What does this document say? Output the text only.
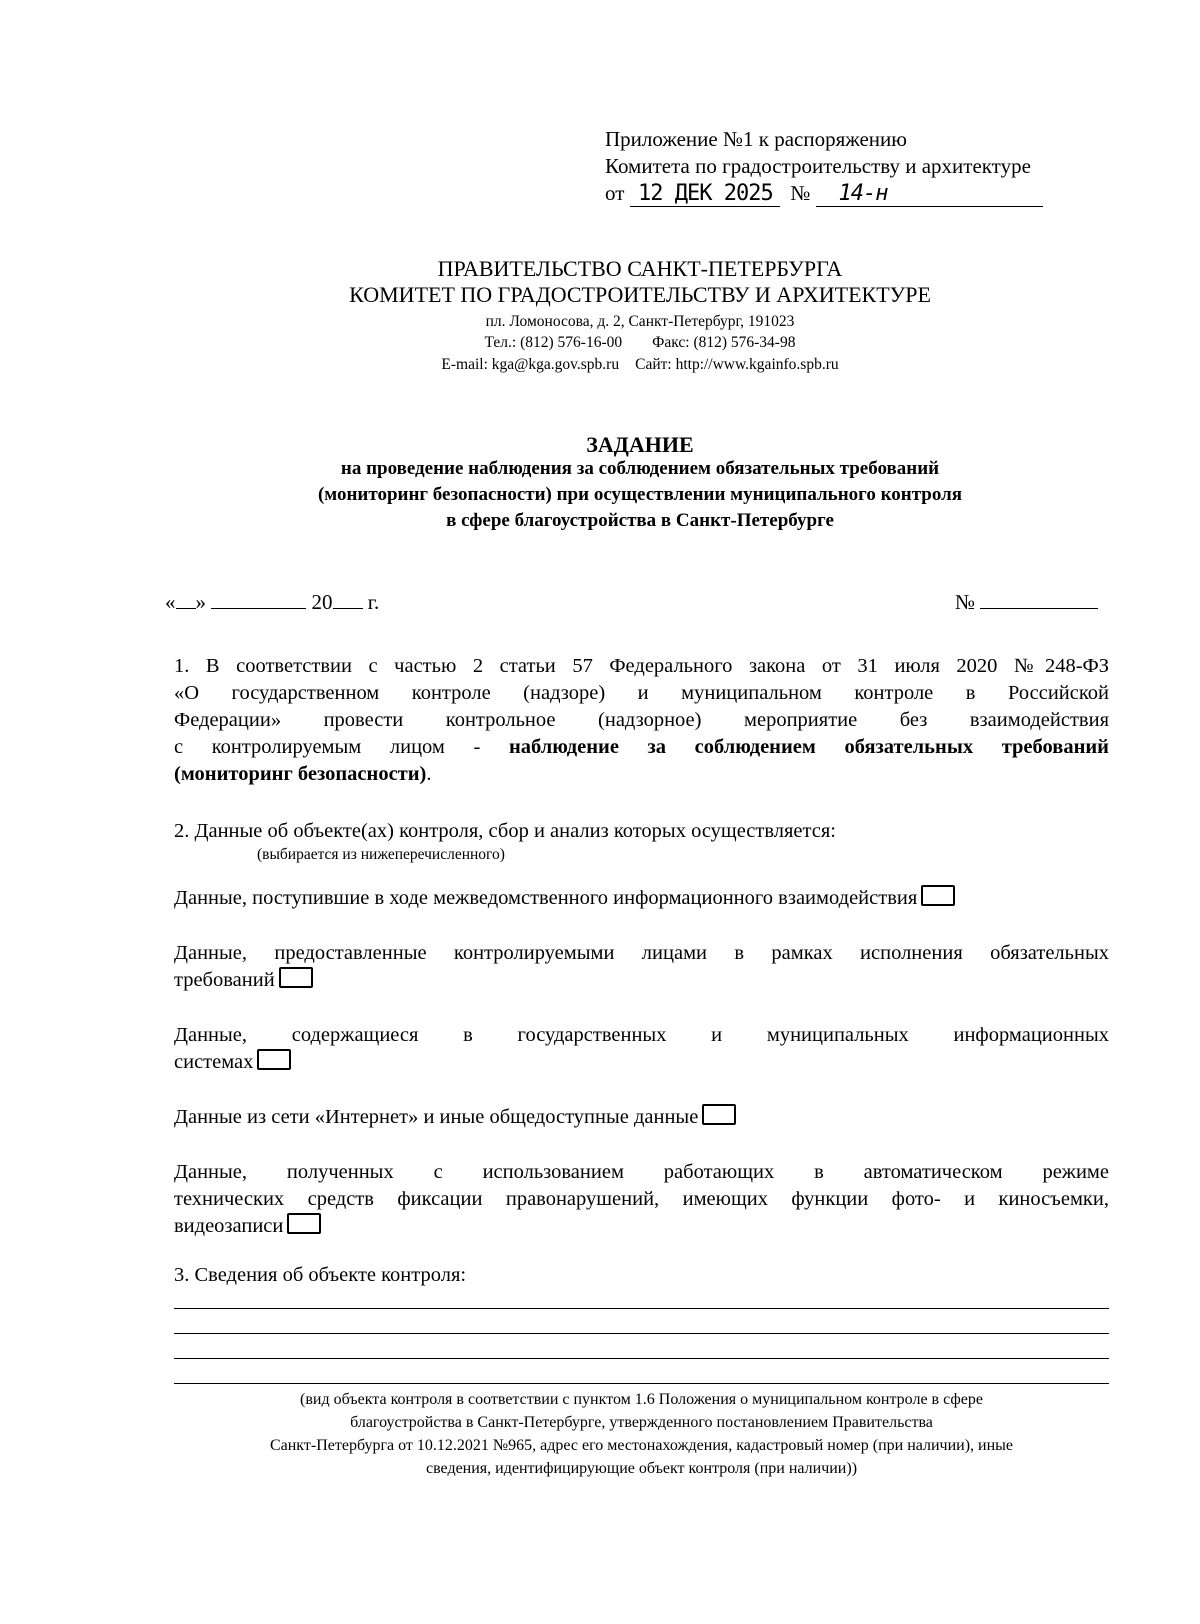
Приложение №1 к распоряжению
Комитета по градостроительству и архитектуре
от 12 ДЕК 2025 №	14-н
ПРАВИТЕЛЬСТВО САНКТ-ПЕТЕРБУРГА
КОМИТЕТ ПО ГРАДОСТРОИТЕЛЬСТВУ И АРХИТЕКТУРЕ
пл. Ломоносова, д. 2, Санкт-Петербург, 191023
Тел.: (812) 576-16-00 Факс: (812) 576-34-98
E-mail: kga@kga.gov.spb.ru Сайт: http://www.kgainfo.spb.ru
ЗАДАНИЕ
на проведение наблюдения за соблюдением обязательных требований
(мониторинг безопасности) при осуществлении муниципального контроля
в сфере благоустройства в Санкт-Петербурге
« »	20 г.	№
1. В соответствии с частью 2 статьи 57 Федерального закона от 31 июля 2020 №248-ФЗ
«О государственном контроле (надзоре) и муниципальном контроле в Российской
Федерации» провести контрольное (надзорное) мероприятие без взаимодействия
с контролируемым лицом - наблюдение за соблюдением обязательных требований
(мониторинг безопасности).
2. Данные об объекте(ах) контроля, сбор и анализ которых осуществляется:
(выбирается из нижеперечисленного)
Данные, поступившие в ходе межведомственного информационного взаимодействия
Данные, предоставленные контролируемыми лицами в рамках исполнения обязательных
требований
Данные, содержащиеся в государственных и муниципальных информационных
системах
Данные из сети «Интернет» и иные общедоступные данные
Данные, полученных с использованием работающих в автоматическом режиме
технических средств фиксации правонарушений, имеющих функции фото- и киносъемки,
видеозаписи
3. Сведения об объекте контроля:
(вид объекта контроля в соответствии с пунктом 1.6 Положения о муниципальном контроле в сфере
благоустройства в Санкт-Петербурге, утвержденного постановлением Правительства
Санкт-Петербурга от 10.12.2021 №965, адрес его местонахождения, кадастровый номер (при наличии), иные
сведения, идентифицирующие объект контроля (при наличии))
